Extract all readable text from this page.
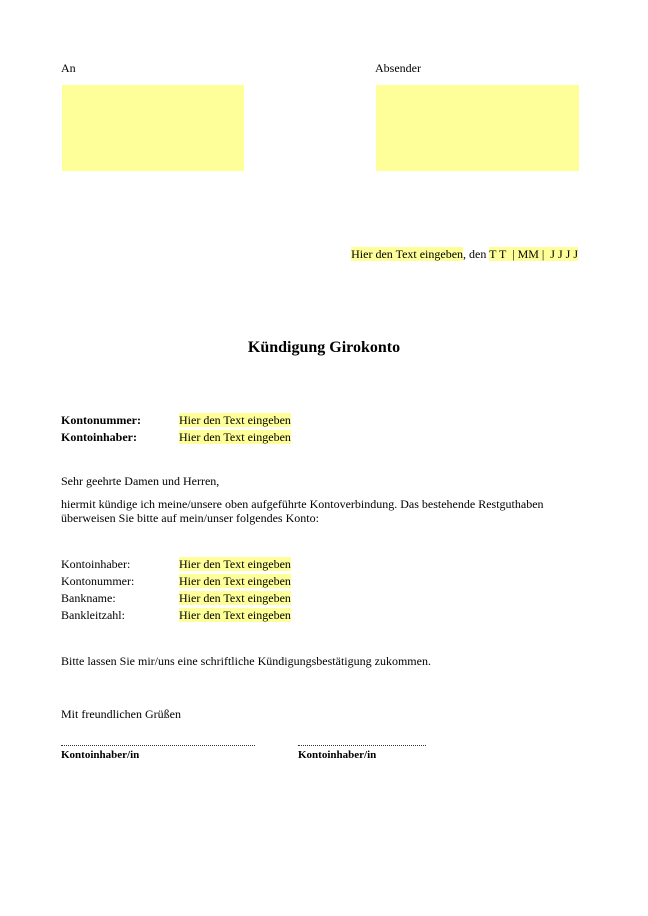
An	Absender
Hier den Text eingeben, den T T  | MM |  J J J J
Kündigung Girokonto
Kontonummer:	Hier den Text eingeben
Kontoinhaber:	Hier den Text eingeben
Sehr geehrte Damen und Herren,
hiermit kündige ich meine/unsere oben aufgeführte Kontoverbindung. Das bestehende Restguthaben
überweisen Sie bitte auf mein/unser folgendes Konto:
Kontoinhaber:	Hier den Text eingeben
Kontonummer:	Hier den Text eingeben
Bankname:	Hier den Text eingeben
Bankleitzahl:	Hier den Text eingeben
Bitte lassen Sie mir/uns eine schriftliche Kündigungsbestätigung zukommen.
Mit freundlichen Grüßen
Kontoinhaber/in	Kontoinhaber/in
